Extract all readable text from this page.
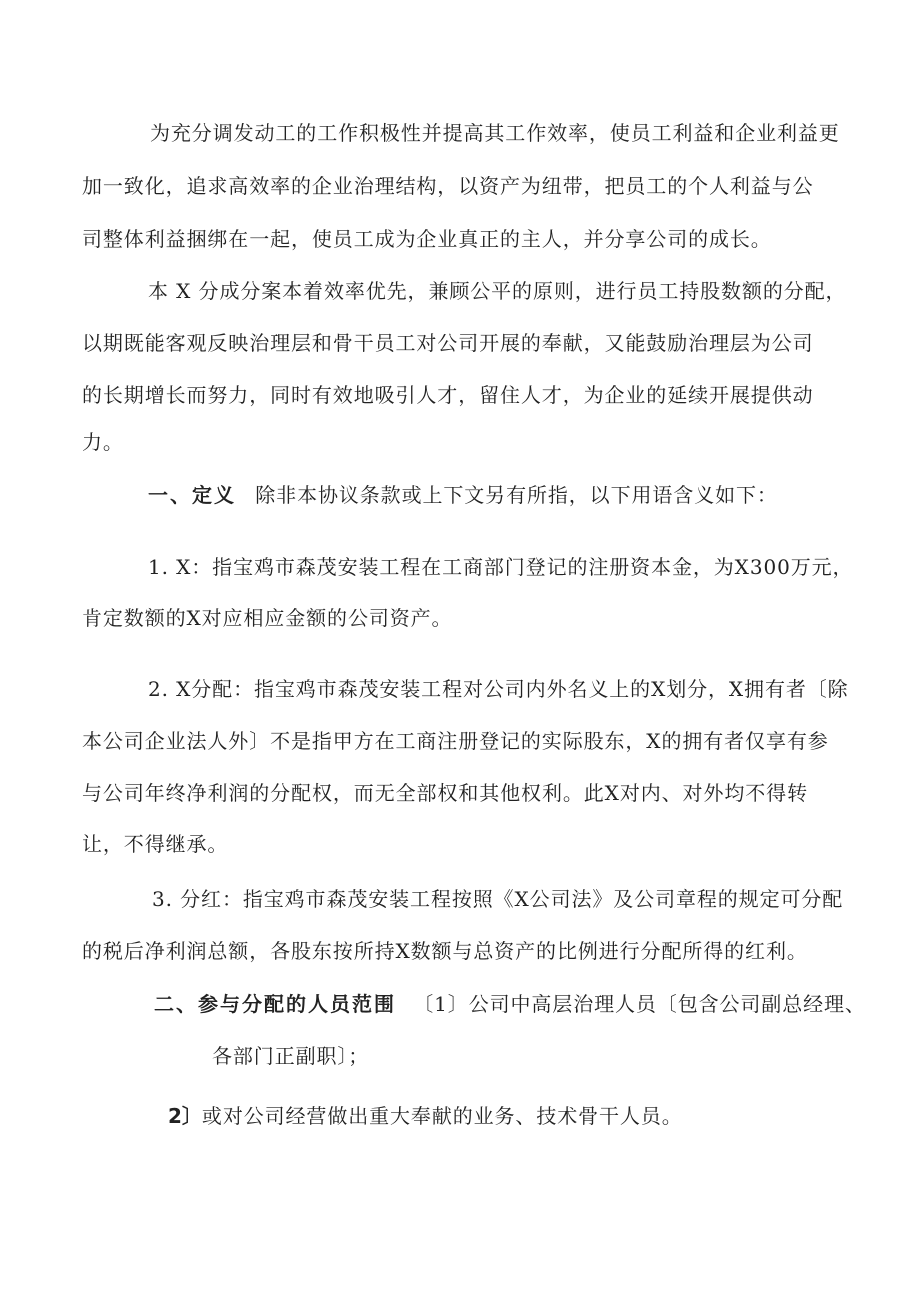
为充分调发动工的工作积极性并提高其工作效率，使员工利益和企业利益更
加一致化，追求高效率的企业治理结构，以资产为纽带，把员工的个人利益与公
司整体利益捆绑在一起，使员工成为企业真正的主人，并分享公司的成长。
本 X 分成分案本着效率优先，兼顾公平的原则，进行员工持股数额的分配，
以期既能客观反映治理层和骨干员工对公司开展的奉献，又能鼓励治理层为公司
的长期增长而努力，同时有效地吸引人才，留住人才，为企业的延续开展提供动
力。
一、定义 除非本协议条款或上下文另有所指，以下用语含义如下：
1. X：指宝鸡市森茂安装工程在工商部门登记的注册资本金，为X300万元，
肯定数额的X对应相应金额的公司资产。
2. X分配：指宝鸡市森茂安装工程对公司内外名义上的X划分，X拥有者〔除
本公司企业法人外〕不是指甲方在工商注册登记的实际股东，X的拥有者仅享有参
与公司年终净利润的分配权，而无全部权和其他权利。此X对内、对外均不得转
让，不得继承。
3. 分红：指宝鸡市森茂安装工程按照《X公司法》及公司章程的规定可分配
的税后净利润总额，各股东按所持X数额与总资产的比例进行分配所得的红利。
二、参与分配的人员范围 〔1〕公司中高层治理人员〔包含公司副总经理、
各部门正副职〕；
2〕或对公司经营做出重大奉献的业务、技术骨干人员。
